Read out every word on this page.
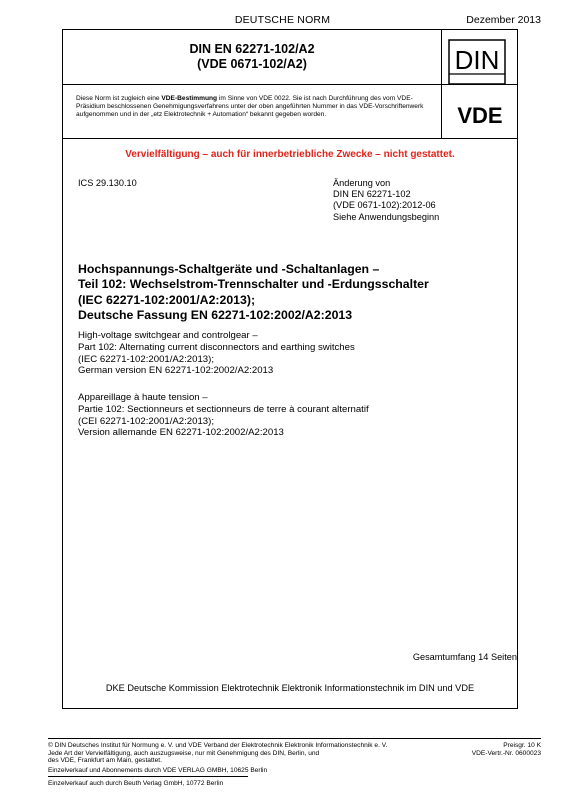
DEUTSCHE NORM	Dezember 2013
DIN EN 62271-102/A2
(VDE 0671-102/A2)	DIN
VDE
Diese Norm ist zugleich eine VDE-Bestimmung im Sinne von VDE 0022. Sie ist nach Durchführung des vom VDE-Präsidium beschlossenen Genehmigungsverfahrens unter der oben angeführten Nummer in das VDE-Vorschriftenwerk aufgenommen und in der „etz Elektrotechnik + Automation“ bekannt gegeben worden.
Vervielfältigung – auch für innerbetriebliche Zwecke – nicht gestattet.
ICS 29.130.10	Änderung von
DIN EN 62271-102
(VDE 0671-102):2012-06
Siehe Anwendungsbeginn
Hochspannungs-Schaltgeräte und -Schaltanlagen –
Teil 102: Wechselstrom-Trennschalter und -Erdungsschalter
(IEC 62271-102:2001/A2:2013);
Deutsche Fassung EN 62271-102:2002/A2:2013
High-voltage switchgear and controlgear –
Part 102: Alternating current disconnectors and earthing switches
(IEC 62271-102:2001/A2:2013);
German version EN 62271-102:2002/A2:2013
Appareillage à haute tension –
Partie 102: Sectionneurs et sectionneurs de terre à courant alternatif
(CEI 62271-102:2001/A2:2013);
Version allemande EN 62271-102:2002/A2:2013
Gesamtumfang 14 Seiten
DKE Deutsche Kommission Elektrotechnik Elektronik Informationstechnik im DIN und VDE
© DIN Deutsches Institut für Normung e. V. und VDE Verband der Elektrotechnik Elektronik Informationstechnik e. V.
Jede Art der Vervielfältigung, auch auszugsweise, nur mit Genehmigung des DIN, Berlin, und
des VDE, Frankfurt am Main, gestattet.
Preisgr. 10 K
VDE-Vertr.-Nr. 0600023
Einzelverkauf und Abonnements durch VDE VERLAG GMBH, 10625 Berlin
Einzelverkauf auch durch Beuth Verlag GmbH, 10772 Berlin
